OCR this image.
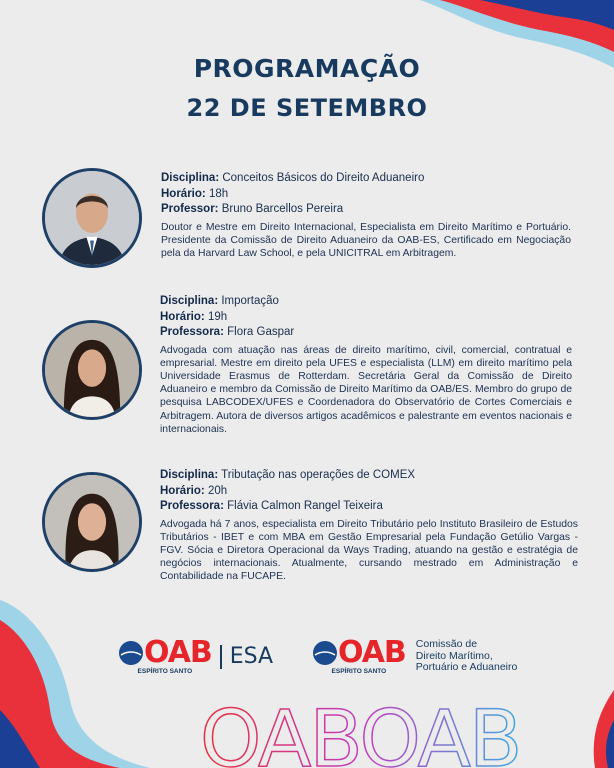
PROGRAMAÇÃO
22 DE SETEMBRO
Disciplina: Conceitos Básicos do Direito Aduaneiro
Horário: 18h
Professor: Bruno Barcellos Pereira
Doutor e Mestre em Direito Internacional, Especialista em Direito Marítimo e Portuário. Presidente da Comissão de Direito Aduaneiro da OAB-ES, Certificado em Negociação pela da Harvard Law School, e pela UNICITRAL em Arbitragem.
Disciplina: Importação
Horário: 19h
Professora: Flora Gaspar
Advogada com atuação nas áreas de direito marítimo, civil, comercial, contratual e empresarial. Mestre em direito pela UFES e especialista (LLM) em direito marítimo pela Universidade Erasmus de Rotterdam. Secretária Geral da Comissão de Direito Aduaneiro e membro da Comissão de Direito Marítimo da OAB/ES. Membro do grupo de pesquisa LABCODEX/UFES e Coordenadora do Observatório de Cortes Comerciais e Arbitragem. Autora de diversos artigos acadêmicos e palestrante em eventos nacionais e internacionais.
Disciplina: Tributação nas operações de COMEX
Horário: 20h
Professora: Flávia Calmon Rangel Teixeira
Advogada há 7 anos, especialista em Direito Tributário pelo Instituto Brasileiro de Estudos Tributários - IBET e com MBA em Gestão Empresarial pela Fundação Getúlio Vargas - FGV. Sócia e Diretora Operacional da Ways Trading, atuando na gestão e estratégia de negócios internacionais. Atualmente, cursando mestrado em Administração e Contabilidade na FUCAPE.
OAB
ESPÍRITO SANTO
ESA OAB
ESPÍRITO SANTO
Comissão de
Direito Marítimo,
Portuário e Aduaneiro
OABOAB
